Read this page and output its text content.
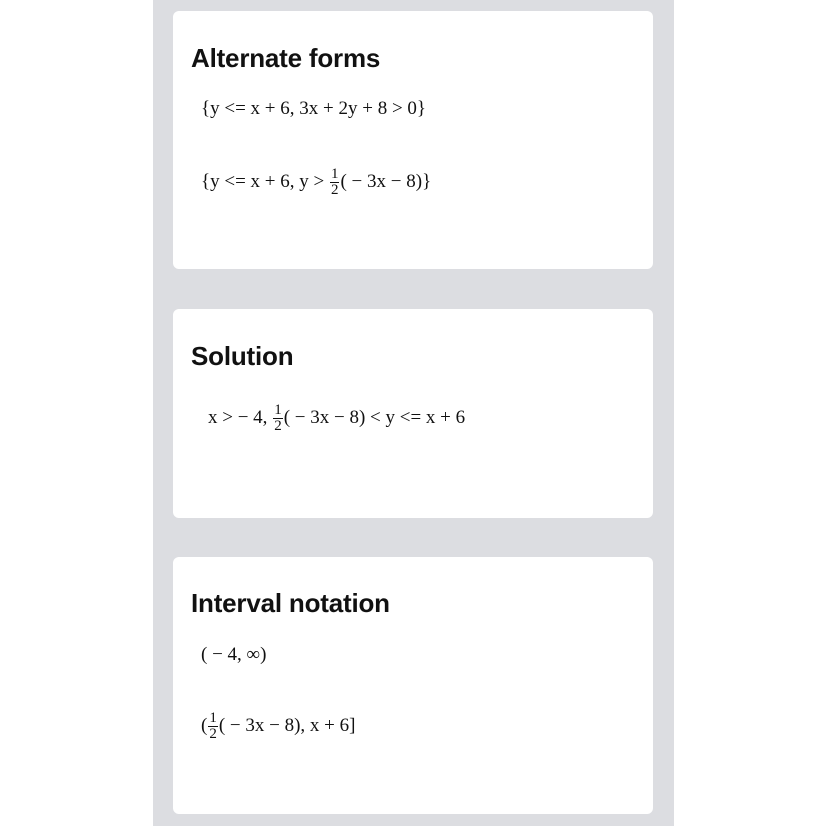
Alternate forms
{y <= x + 6, 3x + 2y + 8 > 0}
{y <= x + 6, $y > \frac{1}{2}$ ( − 3x − 8)}
Solution
x > − 4, $\frac{1}{2}$ ( − 3x − 8) < y <= x + 6
Interval notation
( − 4, ∞)
( $\frac{1}{2}$ ( − 3x − 8), x + 6]
